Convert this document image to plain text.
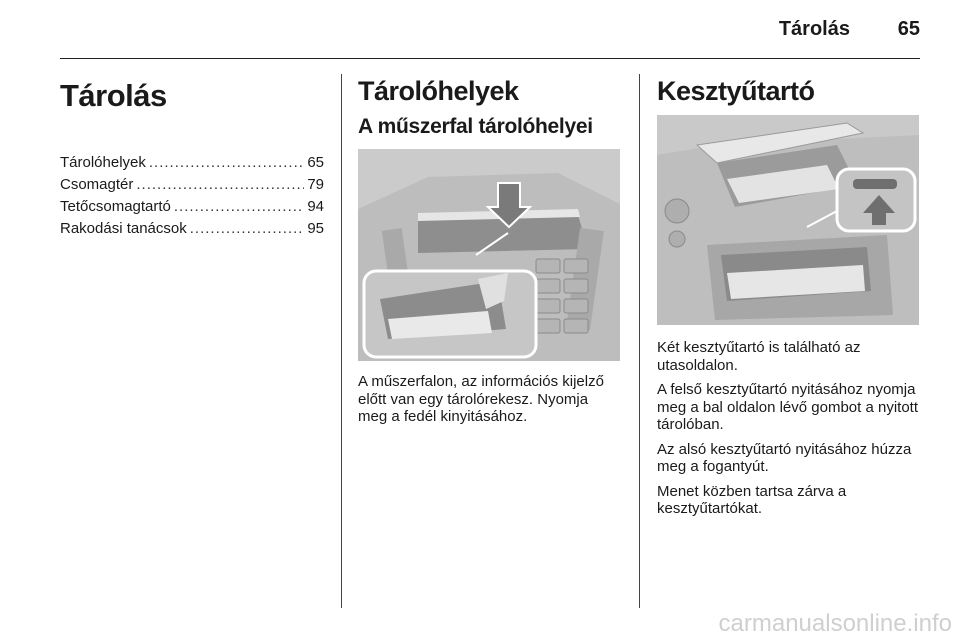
Tárolás	65
Tárolás
Tárolóhelyek .....	65
Csomagtér .....	79
Tetőcsomagtartó .....	94
Rakodási tanácsok .....	95
Tárolóhelyek
A műszerfal tárolóhelyei
A műszerfalon, az információs kijelző előtt van egy tárolórekesz. Nyomja meg a fedél kinyitásához.
Kesztyűtartó
Két kesztyűtartó is található az utasoldalon.
A felső kesztyűtartó nyitásához nyomja meg a bal oldalon lévő gombot a nyitott tárolóban.
Az alsó kesztyűtartó nyitásához húzza meg a fogantyút.
Menet közben tartsa zárva a kesztyűtartókat.
carmanualsonline.info
